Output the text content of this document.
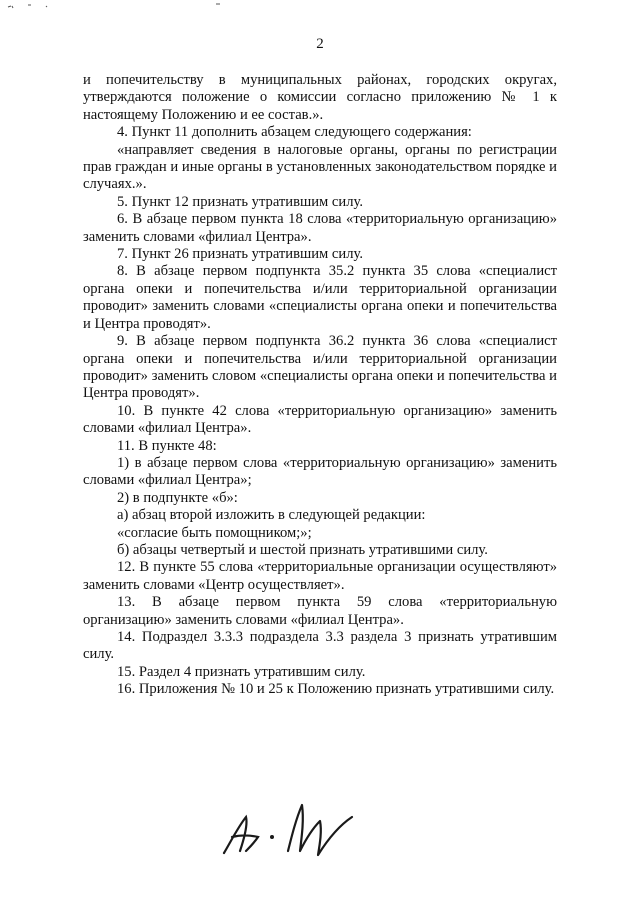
2

и попечительству в муниципальных районах, городских округах, утверждаются положение о комиссии согласно приложению № 1 к настоящему Положению и ее состав.».

4. Пункт 11 дополнить абзацем следующего содержания:

«направляет сведения в налоговые органы, органы по регистрации прав граждан и иные органы в установленных законодательством порядке и случаях.».

5. Пункт 12 признать утратившим силу.

6. В абзаце первом пункта 18 слова «территориальную организацию» заменить словами «филиал Центра».

7. Пункт 26 признать утратившим силу.

8. В абзаце первом подпункта 35.2 пункта 35 слова «специалист органа опеки и попечительства и/или территориальной организации проводит» заменить словами «специалисты органа опеки и попечительства и Центра проводят».

9. В абзаце первом подпункта 36.2 пункта 36 слова «специалист органа опеки и попечительства и/или территориальной организации проводит» заменить словом «специалисты органа опеки и попечительства и Центра проводят».

10. В пункте 42 слова «территориальную организацию» заменить словами «филиал Центра».

11. В пункте 48:

1) в абзаце первом слова «территориальную организацию» заменить словами «филиал Центра»;

2) в подпункте «б»:

а) абзац второй изложить в следующей редакции:

«согласие быть помощником;»;

б) абзацы четвертый и шестой признать утратившими силу.

12. В пункте 55 слова «территориальные организации осуществляют» заменить словами «Центр осуществляет».

13. В абзаце первом пункта 59 слова «территориальную организацию» заменить словами «филиал Центра».

14. Подраздел 3.3.3 подраздела 3.3 раздела 3 признать утратившим силу.

15. Раздел 4 признать утратившим силу.

16. Приложения № 10 и 25 к Положению признать утратившими силу.
